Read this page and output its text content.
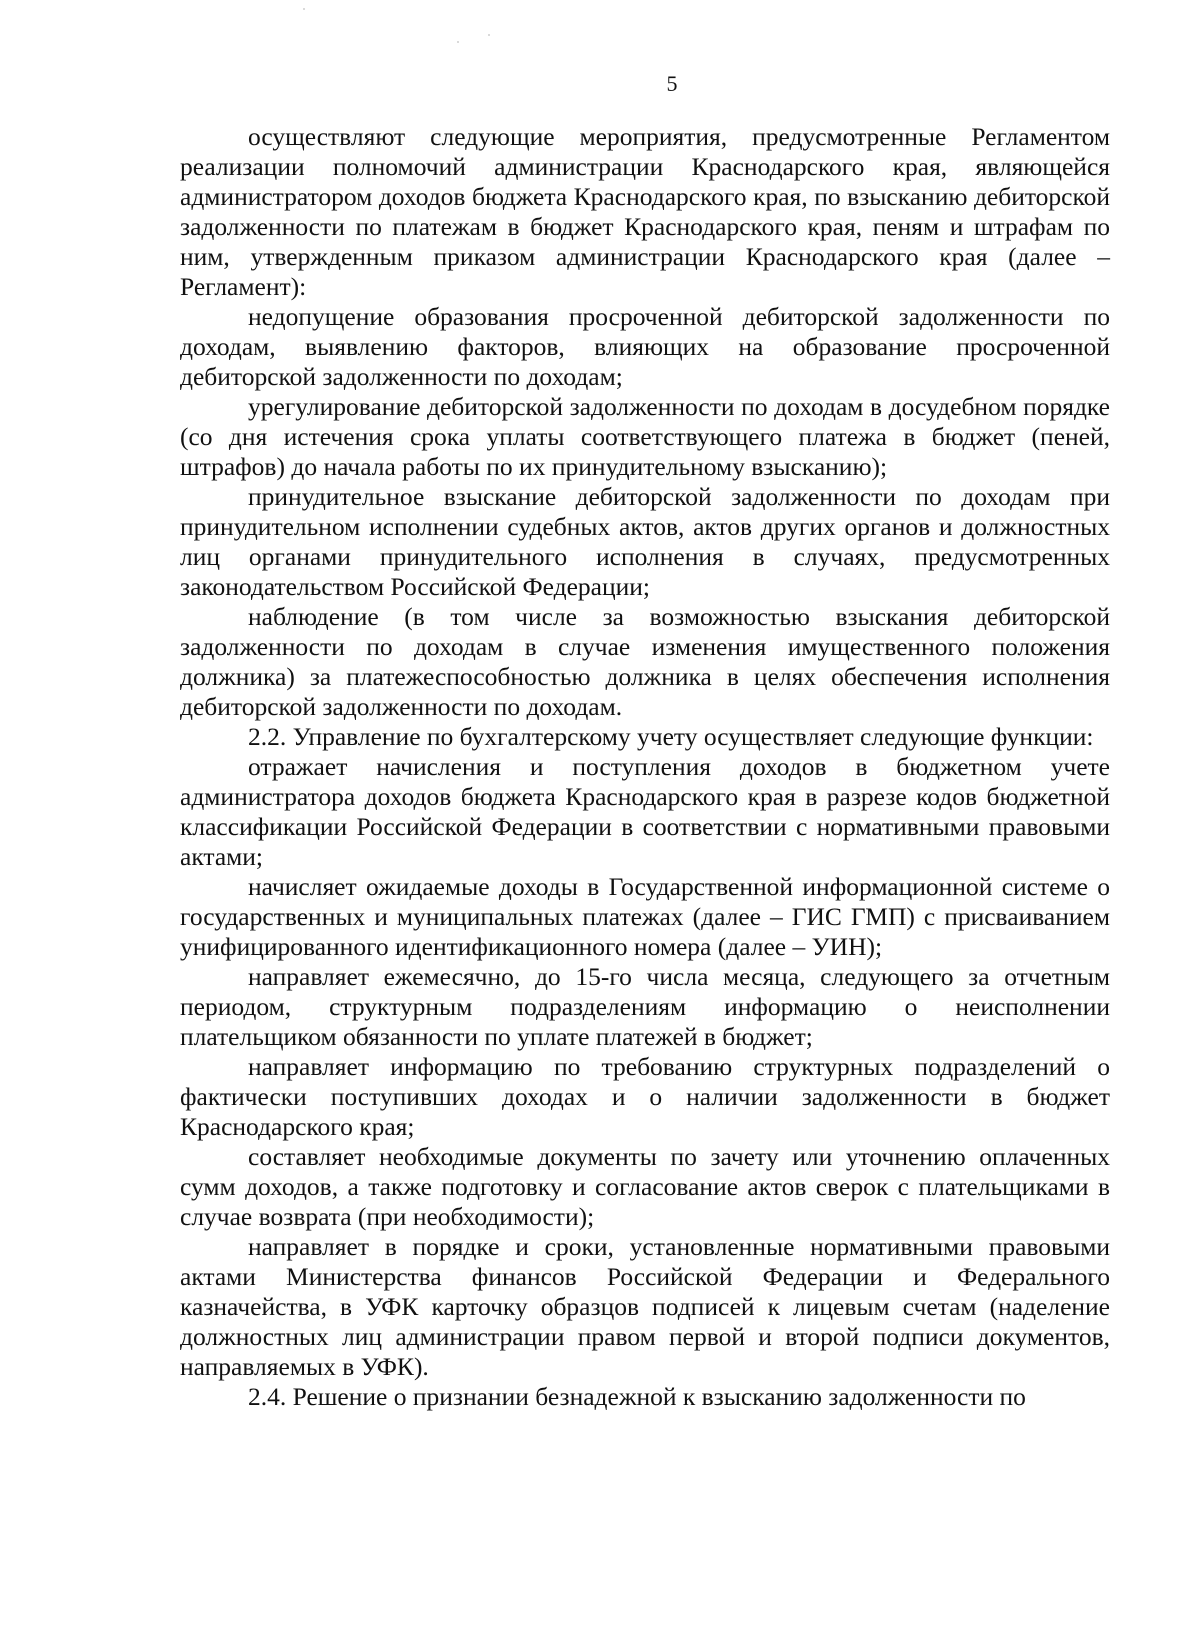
5

осуществляют следующие мероприятия, предусмотренные Регламентом реализации полномочий администрации Краснодарского края, являющейся администратором доходов бюджета Краснодарского края, по взысканию дебиторской задолженности по платежам в бюджет Краснодарского края, пеням и штрафам по ним, утвержденным приказом администрации Краснодарского края (далее – Регламент):

недопущение образования просроченной дебиторской задолженности по доходам, выявлению факторов, влияющих на образование просроченной дебиторской задолженности по доходам;

урегулирование дебиторской задолженности по доходам в досудебном порядке (со дня истечения срока уплаты соответствующего платежа в бюджет (пеней, штрафов) до начала работы по их принудительному взысканию);

принудительное взыскание дебиторской задолженности по доходам при принудительном исполнении судебных актов, актов других органов и должностных лиц органами принудительного исполнения в случаях, предусмотренных законодательством Российской Федерации;

наблюдение (в том числе за возможностью взыскания дебиторской задолженности по доходам в случае изменения имущественного положения должника) за платежеспособностью должника в целях обеспечения исполнения дебиторской задолженности по доходам.

2.2. Управление по бухгалтерскому учету осуществляет следующие функции:

отражает начисления и поступления доходов в бюджетном учете администратора доходов бюджета Краснодарского края в разрезе кодов бюджетной классификации Российской Федерации в соответствии с нормативными правовыми актами;

начисляет ожидаемые доходы в Государственной информационной системе о государственных и муниципальных платежах (далее – ГИС ГМП) с присваиванием унифицированного идентификационного номера (далее – УИН);

направляет ежемесячно, до 15-го числа месяца, следующего за отчетным периодом, структурным подразделениям информацию о неисполнении плательщиком обязанности по уплате платежей в бюджет;

направляет информацию по требованию структурных подразделений о фактически поступивших доходах и о наличии задолженности в бюджет Краснодарского края;

составляет необходимые документы по зачету или уточнению оплаченных сумм доходов, а также подготовку и согласование актов сверок с плательщиками в случае возврата (при необходимости);

направляет в порядке и сроки, установленные нормативными правовыми актами Министерства финансов Российской Федерации и Федерального казначейства, в УФК карточку образцов подписей к лицевым счетам (наделение должностных лиц администрации правом первой и второй подписи документов, направляемых в УФК).

2.4. Решение о признании безнадежной к взысканию задолженности по
